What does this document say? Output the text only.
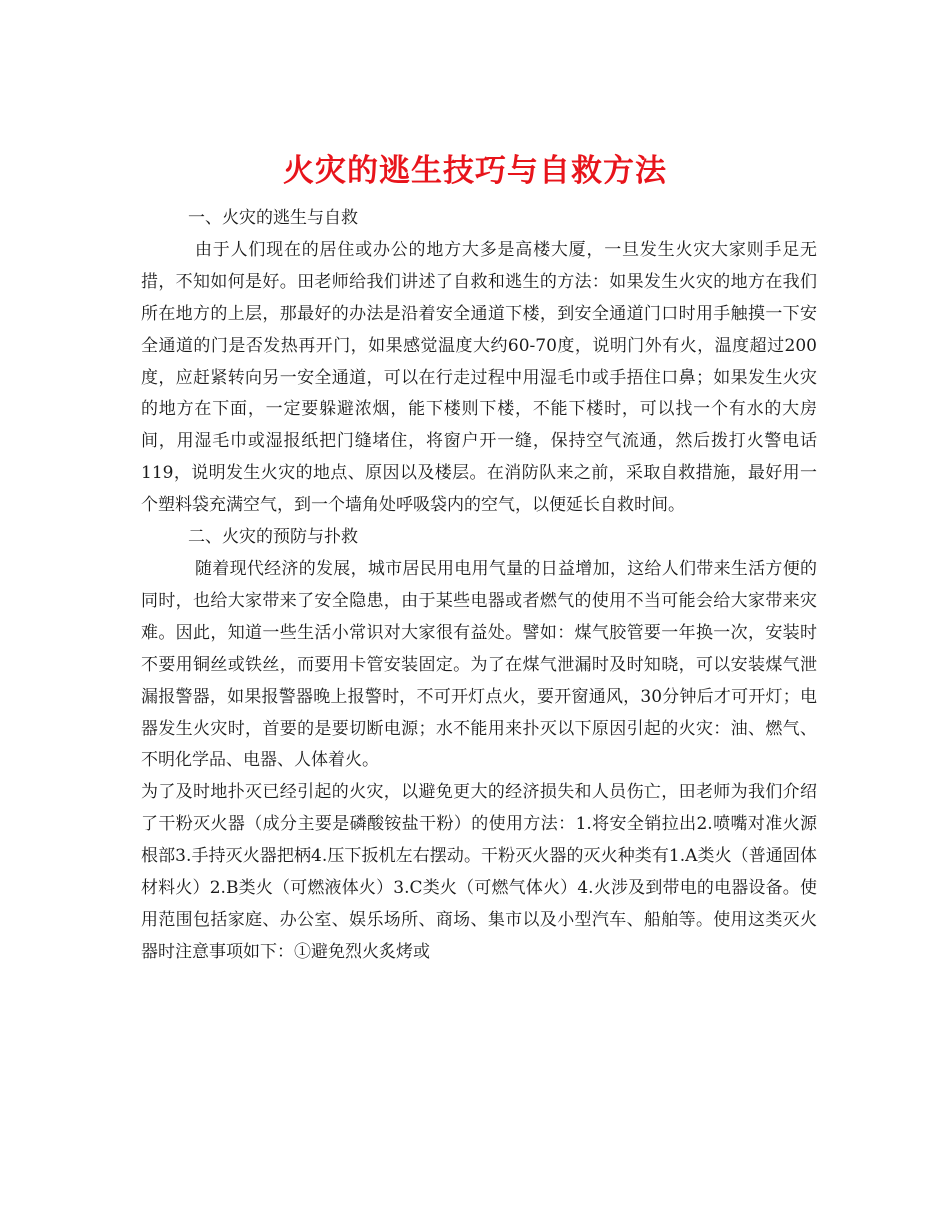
火灾的逃生技巧与自救方法

一、火灾的逃生与自救

由于人们现在的居住或办公的地方大多是高楼大厦，一旦发生火灾大家则手足无措，不知如何是好。田老师给我们讲述了自救和逃生的方法：如果发生火灾的地方在我们所在地方的上层，那最好的办法是沿着安全通道下楼，到安全通道门口时用手触摸一下安全通道的门是否发热再开门，如果感觉温度大约60-70度，说明门外有火，温度超过200度，应赶紧转向另一安全通道，可以在行走过程中用湿毛巾或手捂住口鼻；如果发生火灾的地方在下面，一定要躲避浓烟，能下楼则下楼，不能下楼时，可以找一个有水的大房间，用湿毛巾或湿报纸把门缝堵住，将窗户开一缝，保持空气流通，然后拨打火警电话119，说明发生火灾的地点、原因以及楼层。在消防队来之前，采取自救措施，最好用一个塑料袋充满空气，到一个墙角处呼吸袋内的空气，以便延长自救时间。

二、火灾的预防与扑救

随着现代经济的发展，城市居民用电用气量的日益增加，这给人们带来生活方便的同时，也给大家带来了安全隐患，由于某些电器或者燃气的使用不当可能会给大家带来灾难。因此，知道一些生活小常识对大家很有益处。譬如：煤气胶管要一年换一次，安装时不要用铜丝或铁丝，而要用卡管安装固定。为了在煤气泄漏时及时知晓，可以安装煤气泄漏报警器，如果报警器晚上报警时，不可开灯点火，要开窗通风，30分钟后才可开灯；电器发生火灾时，首要的是要切断电源；水不能用来扑灭以下原因引起的火灾：油、燃气、不明化学品、电器、人体着火。

为了及时地扑灭已经引起的火灾，以避免更大的经济损失和人员伤亡，田老师为我们介绍了干粉灭火器（成分主要是磷酸铵盐干粉）的使用方法：1.将安全销拉出2.喷嘴对准火源根部3.手持灭火器把柄4.压下扳机左右摆动。干粉灭火器的灭火种类有1.A类火（普通固体材料火）2.B类火（可燃液体火）3.C类火（可燃气体火）4.火涉及到带电的电器设备。使用范围包括家庭、办公室、娱乐场所、商场、集市以及小型汽车、船舶等。使用这类灭火器时注意事项如下：①避免烈火炙烤或
